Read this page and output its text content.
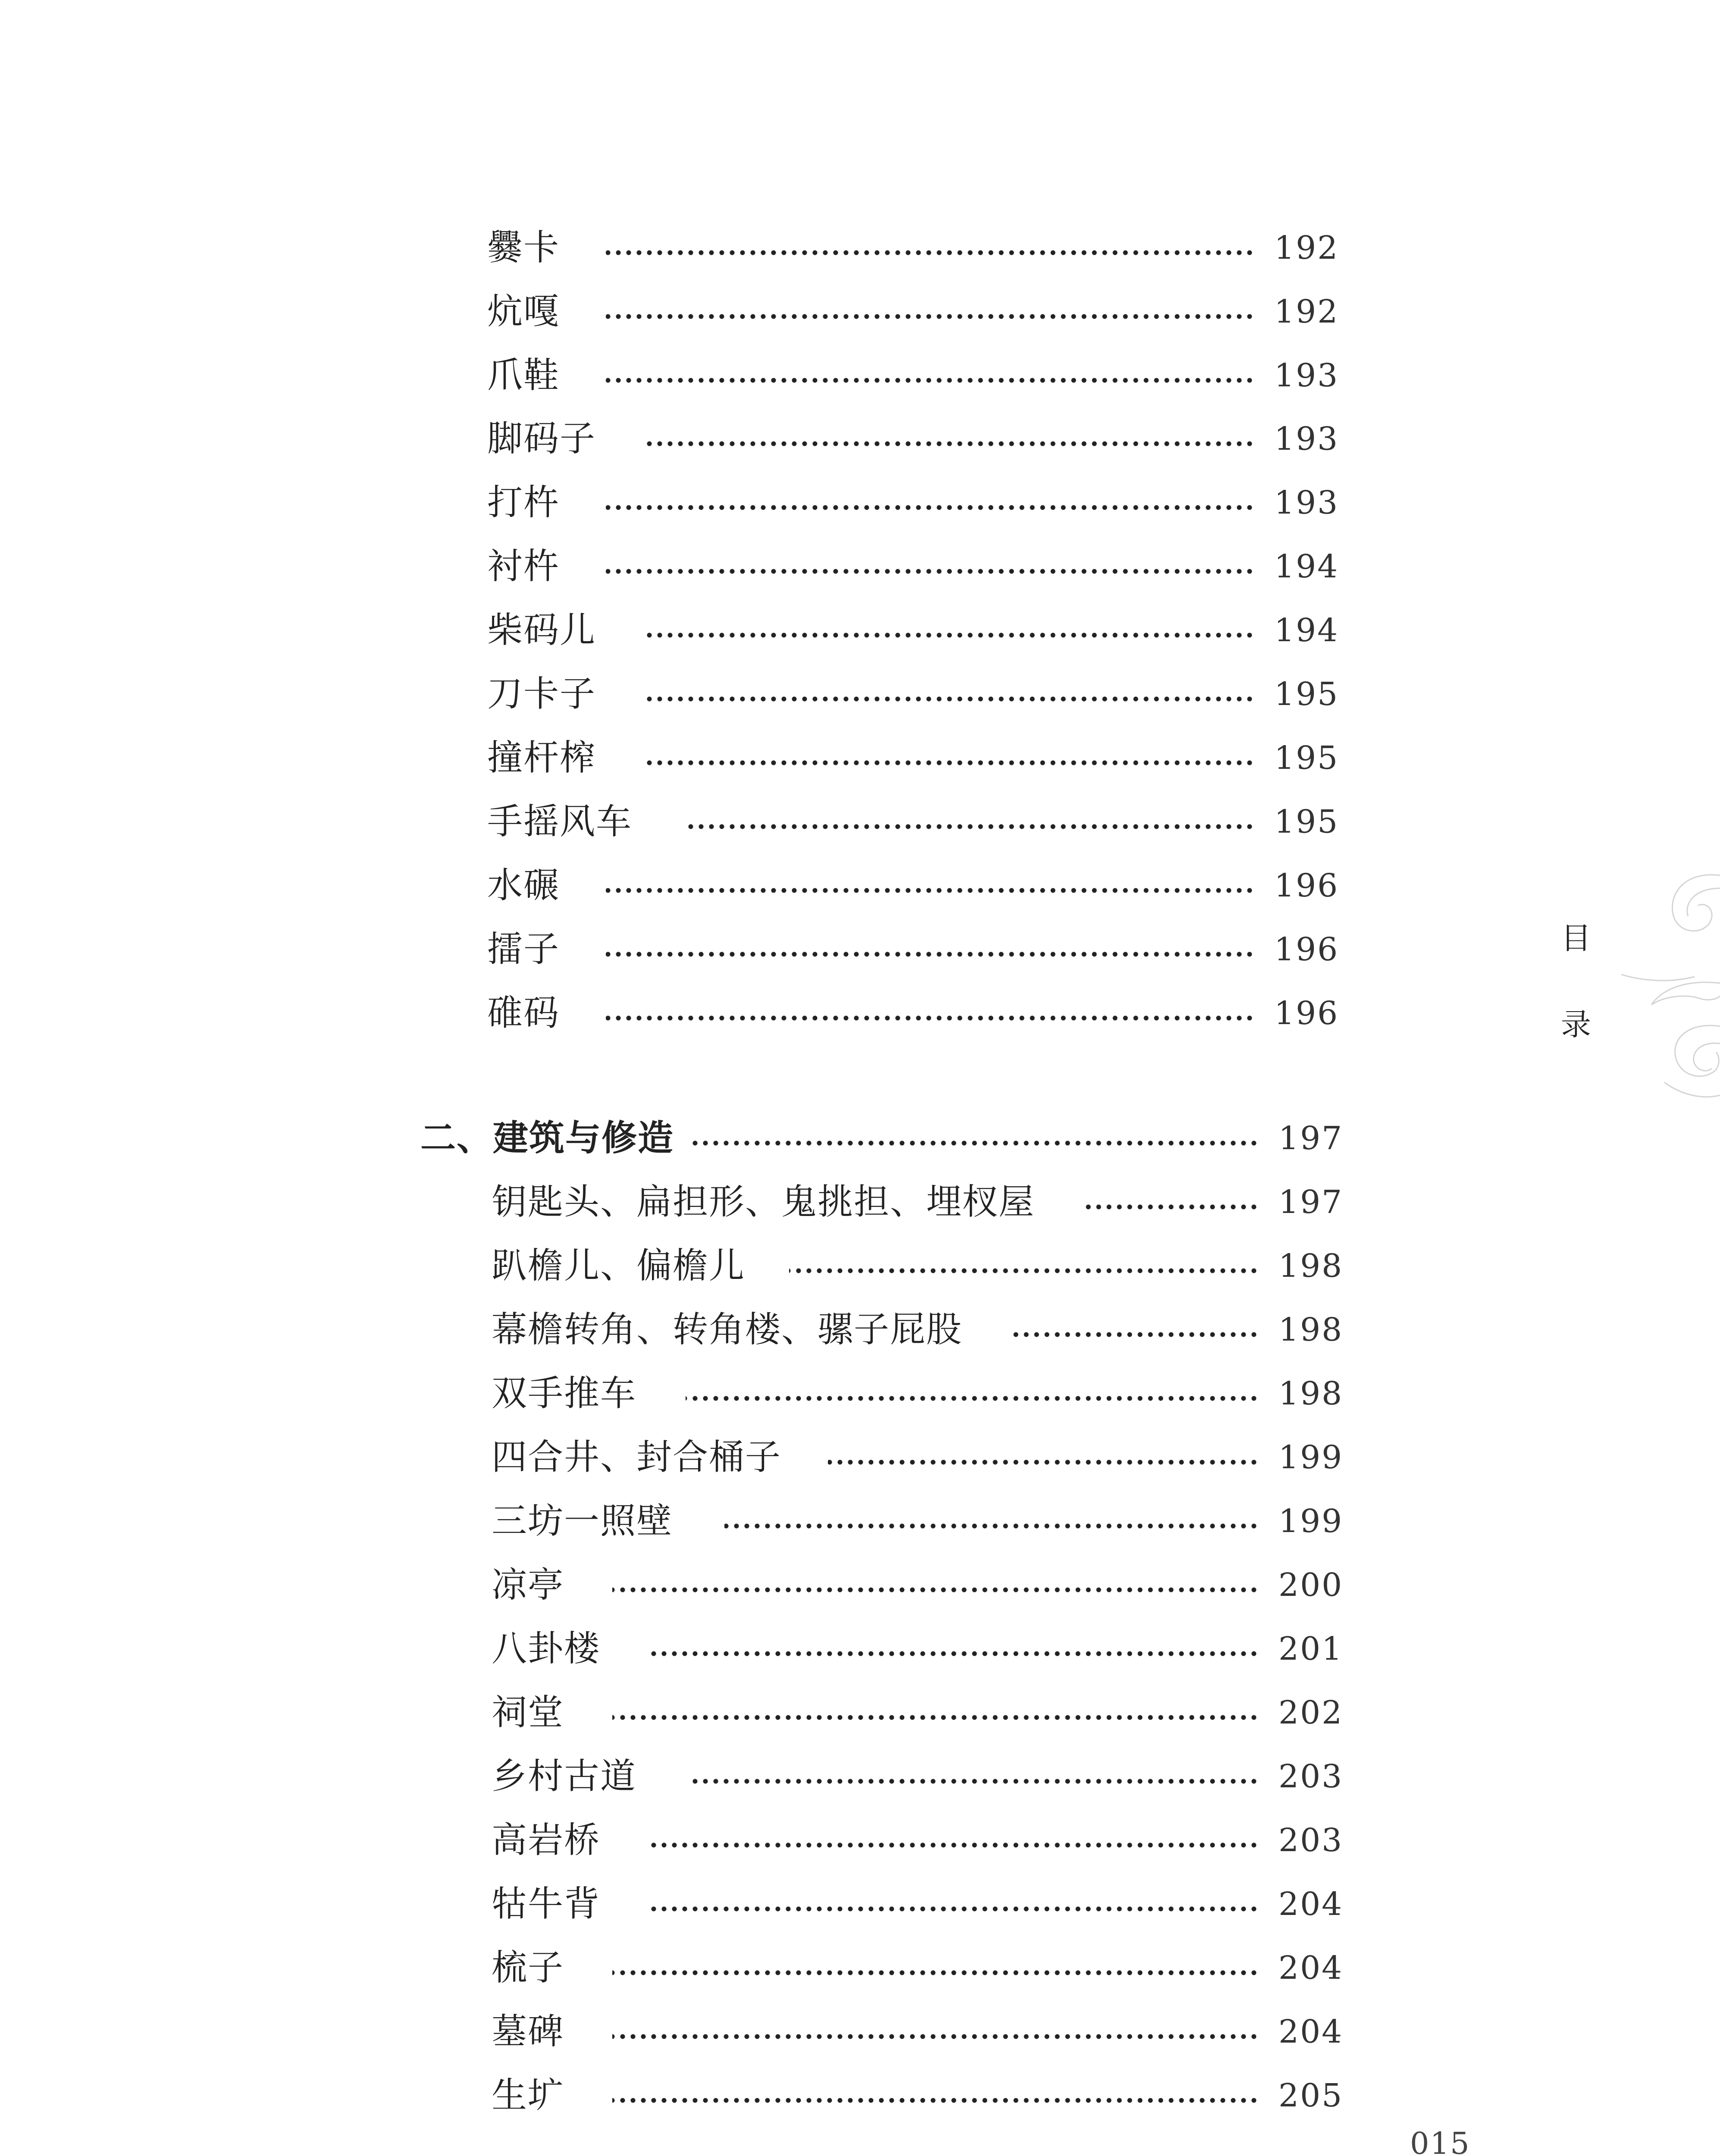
爨卡	192
炕嘎	192
爪鞋	193
脚码子	193
打杵	193
衬杵	194
柴码儿	194
刀卡子	195
撞杆榨	195
手摇风车	195
水碾	196
擂子	196
碓码	196
二、建筑与修造	197
钥匙头、扁担形、鬼挑担、埋杈屋	197
趴檐儿、偏檐儿	198
幕檐转角、转角楼、骡子屁股	198
双手推车	198
四合井、封合桶子	199
三坊一照壁	199
凉亭	200
八卦楼	201
祠堂	202
乡村古道	203
高岩桥	203
牯牛背	204
梳子	204
墓碑	204
生圹	205
目
录
015
